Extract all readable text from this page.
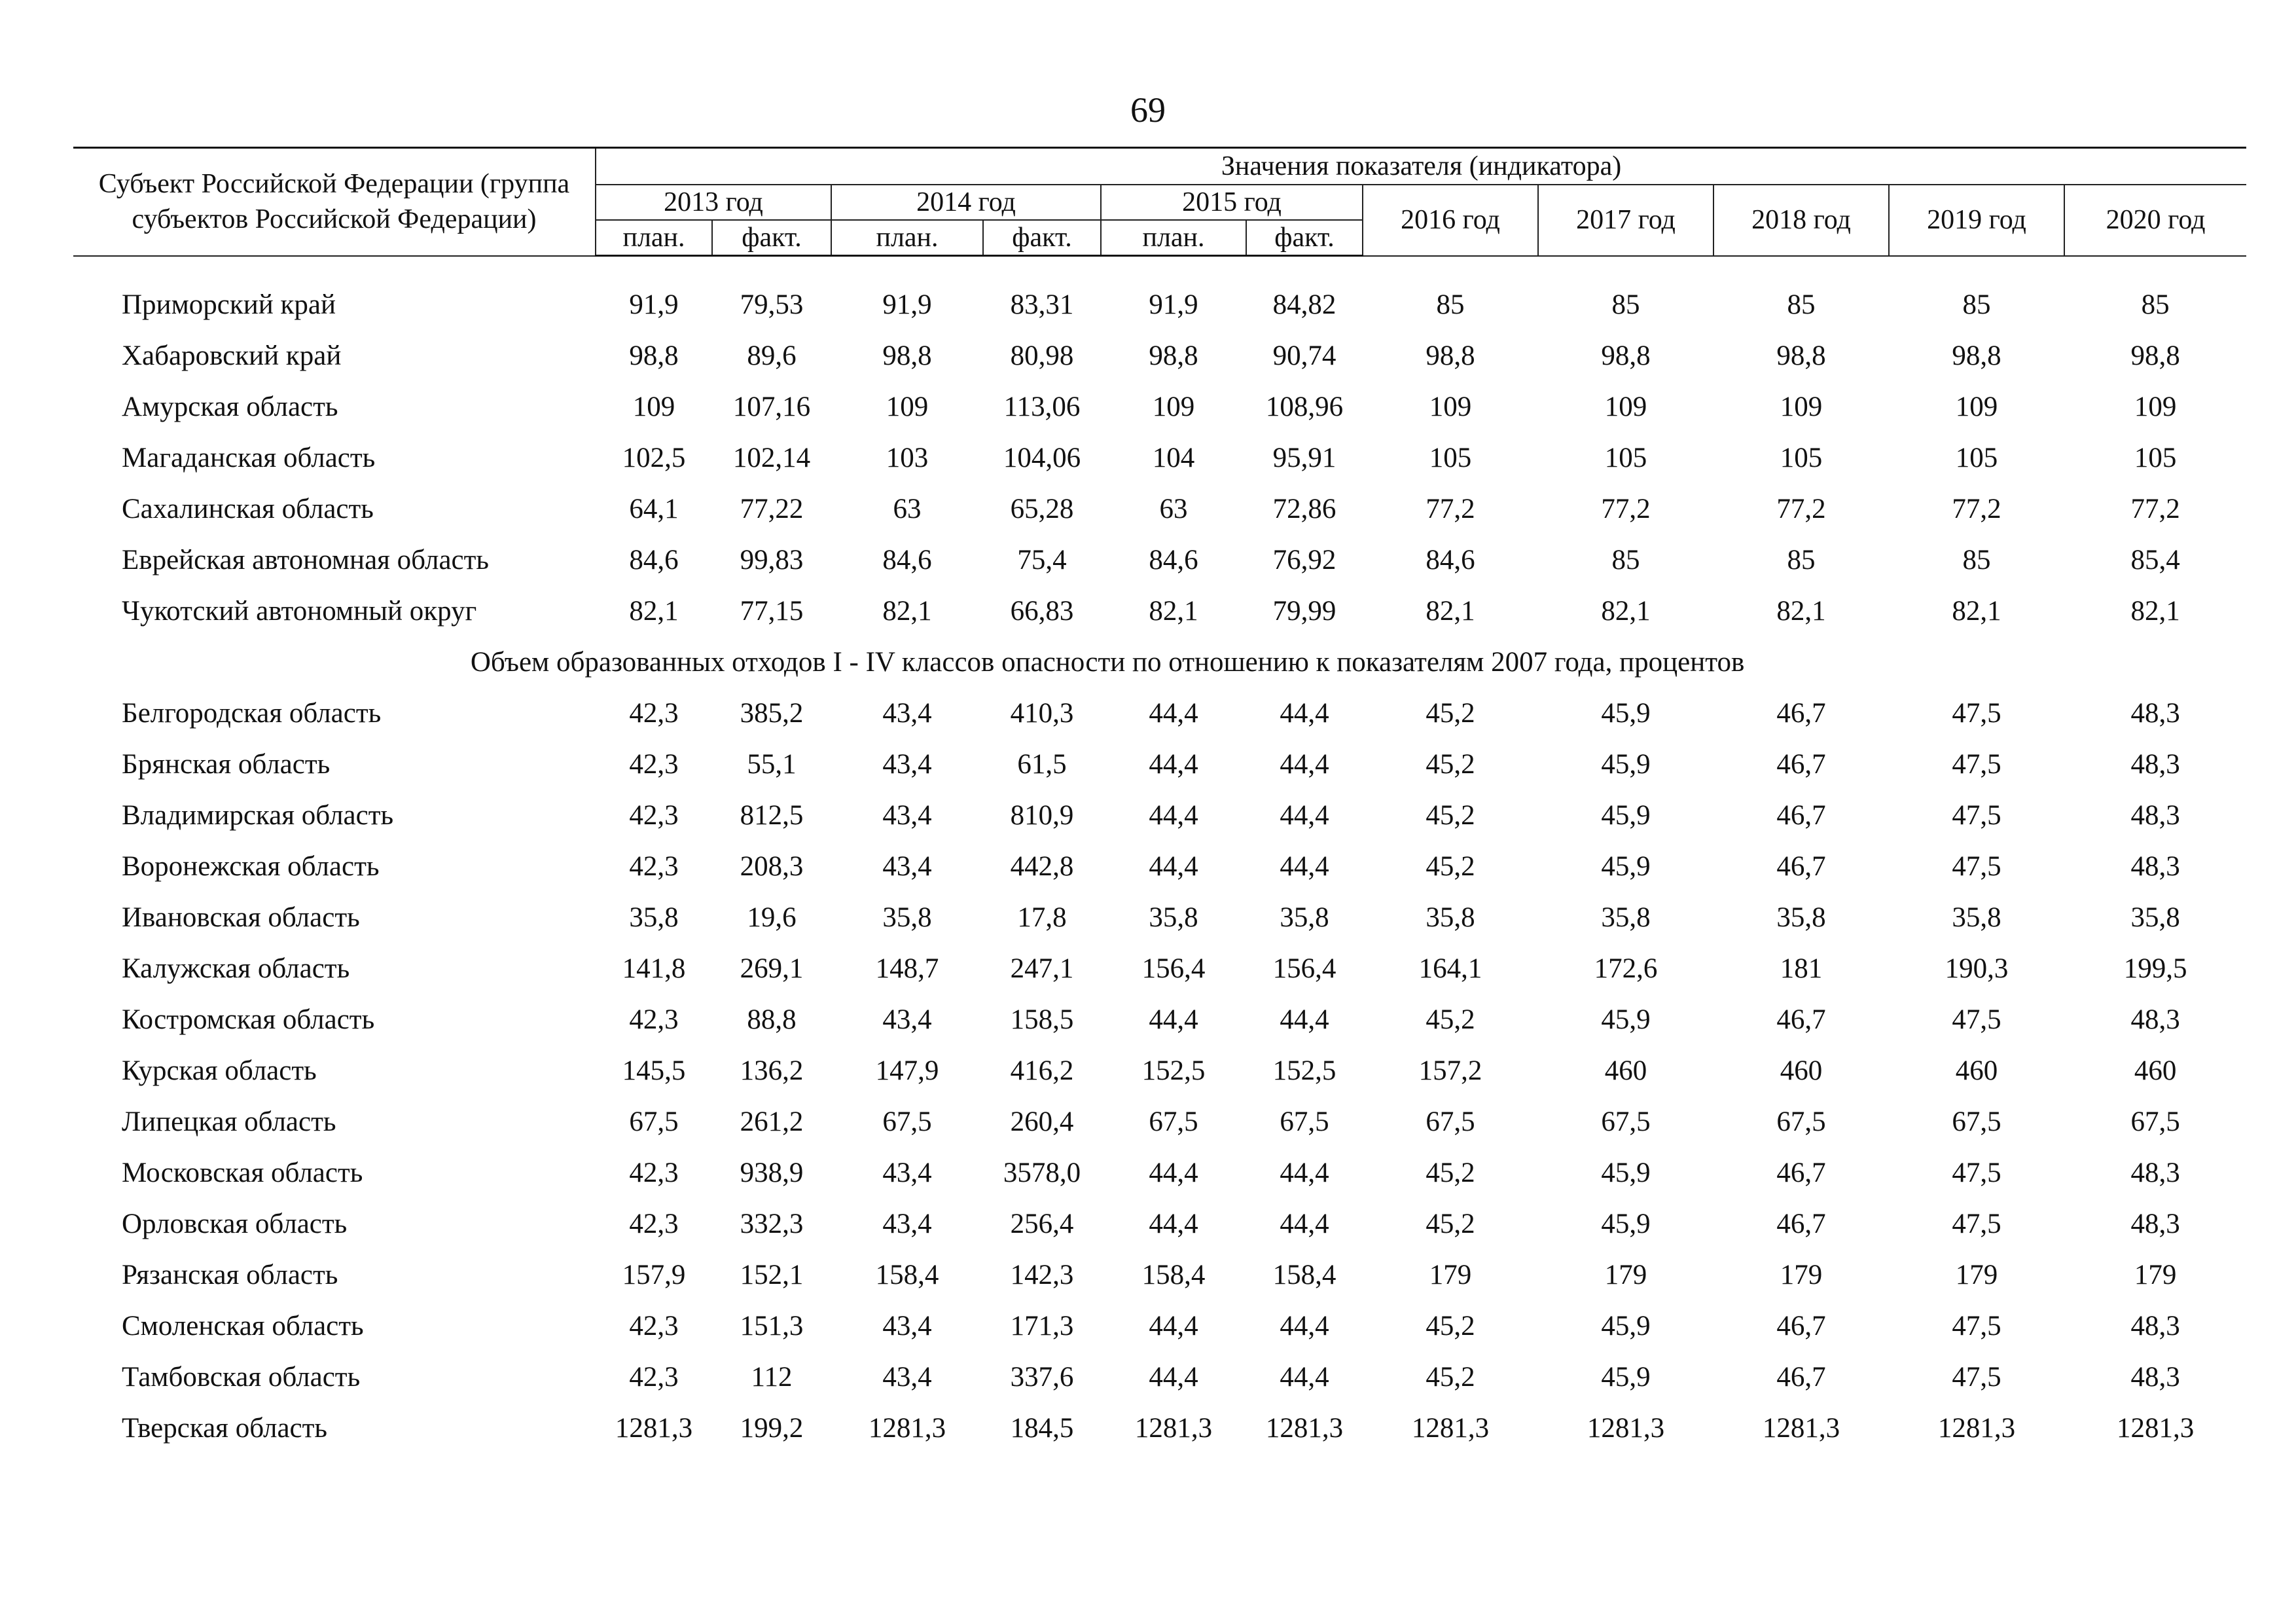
69
Субъект Российской Федерации (группа субъектов Российской Федерации)	Значения показателя (индикатора)										
	2013 год		2014 год		2015 год		2016 год	2017 год	2018 год	2019 год	2020 год
	план.	факт.	план.	факт.	план.	факт.					

Приморский край	91,9	79,53	91,9	83,31	91,9	84,82	85	85	85	85	85
Хабаровский край	98,8	89,6	98,8	80,98	98,8	90,74	98,8	98,8	98,8	98,8	98,8
Амурская область	109	107,16	109	113,06	109	108,96	109	109	109	109	109
Магаданская область	102,5	102,14	103	104,06	104	95,91	105	105	105	105	105
Сахалинская область	64,1	77,22	63	65,28	63	72,86	77,2	77,2	77,2	77,2	77,2
Еврейская автономная область	84,6	99,83	84,6	75,4	84,6	76,92	84,6	85	85	85	85,4
Чукотский автономный округ	82,1	77,15	82,1	66,83	82,1	79,99	82,1	82,1	82,1	82,1	82,1
Объем образованных отходов I - IV классов опасности по отношению к показателям 2007 года, процентов											
Белгородская область	42,3	385,2	43,4	410,3	44,4	44,4	45,2	45,9	46,7	47,5	48,3
Брянская область	42,3	55,1	43,4	61,5	44,4	44,4	45,2	45,9	46,7	47,5	48,3
Владимирская область	42,3	812,5	43,4	810,9	44,4	44,4	45,2	45,9	46,7	47,5	48,3
Воронежская область	42,3	208,3	43,4	442,8	44,4	44,4	45,2	45,9	46,7	47,5	48,3
Ивановская область	35,8	19,6	35,8	17,8	35,8	35,8	35,8	35,8	35,8	35,8	35,8
Калужская область	141,8	269,1	148,7	247,1	156,4	156,4	164,1	172,6	181	190,3	199,5
Костромская область	42,3	88,8	43,4	158,5	44,4	44,4	45,2	45,9	46,7	47,5	48,3
Курская область	145,5	136,2	147,9	416,2	152,5	152,5	157,2	460	460	460	460
Липецкая область	67,5	261,2	67,5	260,4	67,5	67,5	67,5	67,5	67,5	67,5	67,5
Московская область	42,3	938,9	43,4	3578,0	44,4	44,4	45,2	45,9	46,7	47,5	48,3
Орловская область	42,3	332,3	43,4	256,4	44,4	44,4	45,2	45,9	46,7	47,5	48,3
Рязанская область	157,9	152,1	158,4	142,3	158,4	158,4	179	179	179	179	179
Смоленская область	42,3	151,3	43,4	171,3	44,4	44,4	45,2	45,9	46,7	47,5	48,3
Тамбовская область	42,3	112	43,4	337,6	44,4	44,4	45,2	45,9	46,7	47,5	48,3
Тверская область	1281,3	199,2	1281,3	184,5	1281,3	1281,3	1281,3	1281,3	1281,3	1281,3	1281,3
